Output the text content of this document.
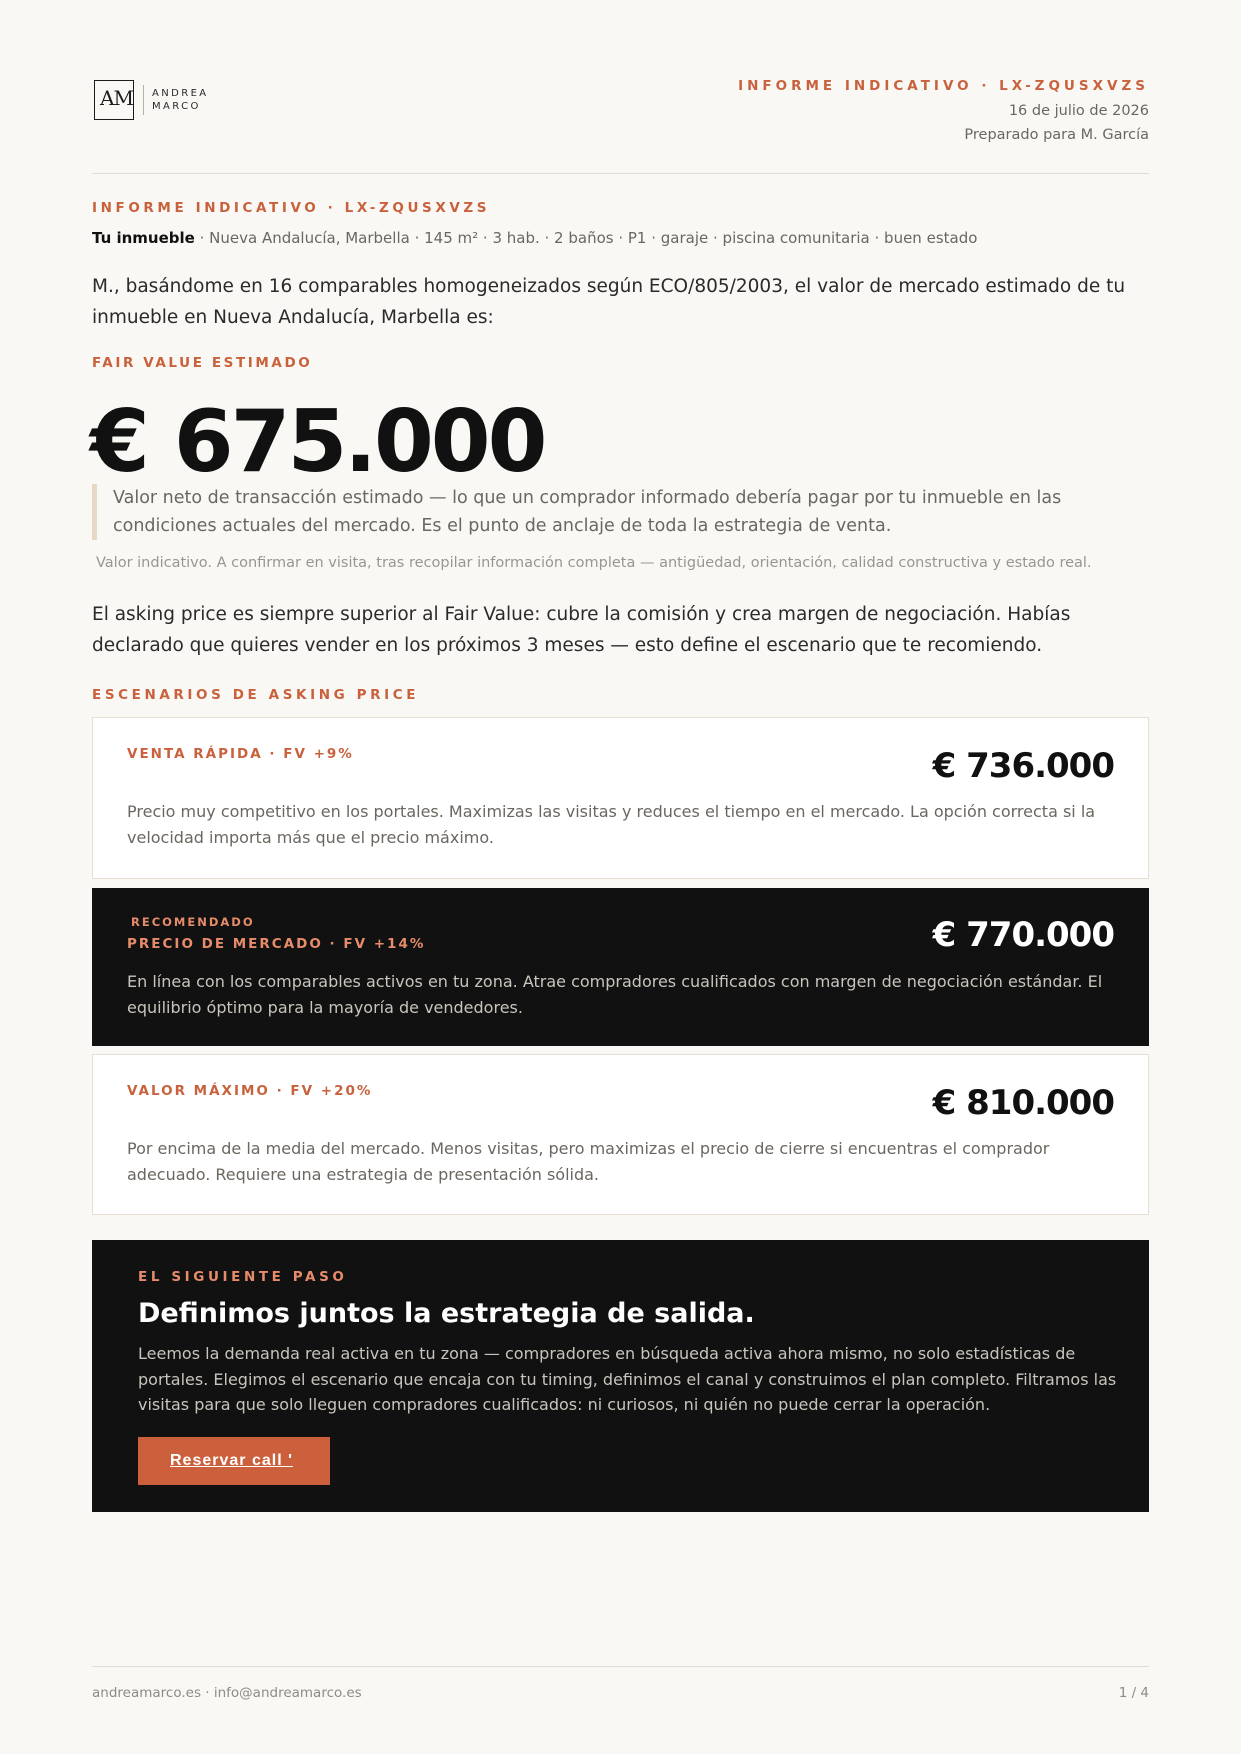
AM ANDREA
MARCO
INFORME INDICATIVO · LX-ZQUSXVZS
16 de julio de 2026
Preparado para M. García
INFORME INDICATIVO · LX-ZQUSXVZS
Tu inmueble · Nueva Andalucía, Marbella · 145 m² · 3 hab. · 2 baños · P1 · garaje · piscina comunitaria · buen estado
M., basándome en 16 comparables homogeneizados según ECO/805/2003, el valor de mercado estimado de tu inmueble en Nueva Andalucía, Marbella es:
FAIR VALUE ESTIMADO
€ 675.000
Valor neto de transacción estimado — lo que un comprador informado debería pagar por tu inmueble en las condiciones actuales del mercado. Es el punto de anclaje de toda la estrategia de venta.
Valor indicativo. A confirmar en visita, tras recopilar información completa — antigüedad, orientación, calidad constructiva y estado real.
El asking price es siempre superior al Fair Value: cubre la comisión y crea margen de negociación. Habías declarado que quieres vender en los próximos 3 meses — esto define el escenario que te recomiendo.
ESCENARIOS DE ASKING PRICE
VENTA RÁPIDA · FV +9%	€ 736.000
Precio muy competitivo en los portales. Maximizas las visitas y reduces el tiempo en el mercado. La opción correcta si la velocidad importa más que el precio máximo.
RECOMENDADO
PRECIO DE MERCADO · FV +14%	€ 770.000
En línea con los comparables activos en tu zona. Atrae compradores cualificados con margen de negociación estándar. El equilibrio óptimo para la mayoría de vendedores.
VALOR MÁXIMO · FV +20%	€ 810.000
Por encima de la media del mercado. Menos visitas, pero maximizas el precio de cierre si encuentras el comprador adecuado. Requiere una estrategia de presentación sólida.
EL SIGUIENTE PASO
Definimos juntos la estrategia de salida.
Leemos la demanda real activa en tu zona — compradores en búsqueda activa ahora mismo, no solo estadísticas de portales. Elegimos el escenario que encaja con tu timing, definimos el canal y construimos el plan completo. Filtramos las visitas para que solo lleguen compradores cualificados: ni curiosos, ni quién no puede cerrar la operación.
Reservar call '
andreamarco.es · info@andreamarco.es	1 / 4
